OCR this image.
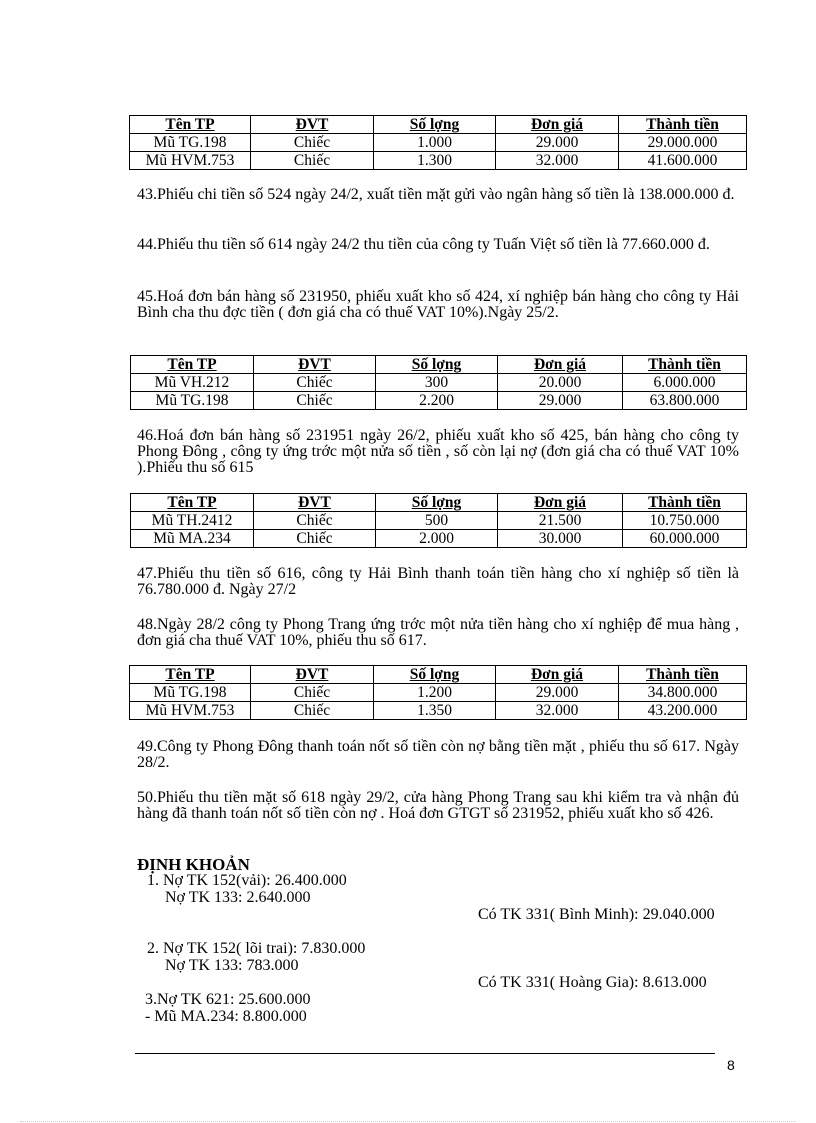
Tên TP	ĐVT	Số lợng	Đơn giá	Thành tiền
Mũ TG.198	Chiếc	1.000	29.000	29.000.000
Mũ HVM.753	Chiếc	1.300	32.000	41.600.000

43.Phiếu chi tiền số 524 ngày 24/2, xuất tiền mặt gửi vào ngân hàng số tiền là 138.000.000 đ.

44.Phiếu thu tiền số 614 ngày 24/2 thu tiền của công ty Tuấn Việt số tiền là 77.660.000 đ.

45.Hoá đơn bán hàng số 231950, phiếu xuất kho số 424, xí nghiệp bán hàng cho công ty Hải Bình cha thu đợc tiền ( đơn giá cha có thuế VAT 10%).Ngày 25/2.

Tên TP	ĐVT	Số lợng	Đơn giá	Thành tiền
Mũ VH.212	Chiếc	300	20.000	6.000.000
Mũ TG.198	Chiếc	2.200	29.000	63.800.000

46.Hoá đơn bán hàng số 231951 ngày 26/2, phiếu xuất kho số 425, bán hàng cho công ty Phong Đông , công ty ứng trớc một nửa số tiền , số còn lại nợ (đơn giá cha có thuế VAT 10% ).Phiếu thu số 615

Tên TP	ĐVT	Số lợng	Đơn giá	Thành tiền
Mũ TH.2412	Chiếc	500	21.500	10.750.000
Mũ MA.234	Chiếc	2.000	30.000	60.000.000

47.Phiếu thu tiền số 616, công ty Hải Bình thanh toán tiền hàng cho xí nghiệp số tiền là 76.780.000 đ. Ngày 27/2

48.Ngày 28/2 công ty Phong Trang ứng trớc một nửa tiền hàng cho xí nghiệp để mua hàng , đơn giá cha thuế VAT 10%, phiếu thu số 617.

Tên TP	ĐVT	Số lợng	Đơn giá	Thành tiền
Mũ TG.198	Chiếc	1.200	29.000	34.800.000
Mũ HVM.753	Chiếc	1.350	32.000	43.200.000

49.Công ty Phong Đông thanh toán nốt số tiền còn nợ bằng tiền mặt , phiếu thu số 617. Ngày 28/2.

50.Phiếu thu tiền mặt số 618 ngày 29/2, cửa hàng Phong Trang sau khi kiểm tra và nhận đủ hàng đã thanh toán nốt số tiền còn nợ . Hoá đơn GTGT số 231952, phiếu xuất kho số 426.

ĐỊNH KHOẢN
1. Nợ TK 152(vải): 26.400.000
Nợ TK 133: 2.640.000
Có TK 331( Bình Minh): 29.040.000
2. Nợ TK 152( lõi trai): 7.830.000
Nợ TK 133: 783.000
Có TK 331( Hoàng Gia): 8.613.000
3.Nợ TK 621: 25.600.000
- Mũ MA.234: 8.800.000
8
